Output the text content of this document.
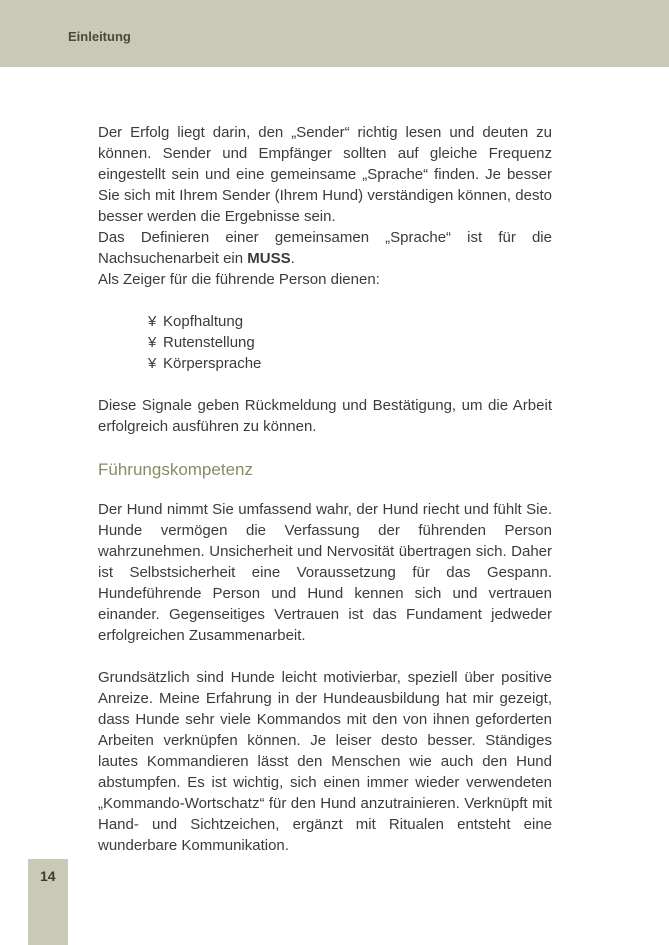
Einleitung

Der Erfolg liegt darin, den „Sender“ richtig lesen und deuten zu können. Sender und Empfänger sollten auf gleiche Frequenz eingestellt sein und eine gemeinsame „Sprache“ finden. Je besser Sie sich mit Ihrem Sender (Ihrem Hund) verständigen können, desto besser werden die Ergebnisse sein.

Das Definieren einer gemeinsamen „Sprache“ ist für die Nachsuchenarbeit ein MUSS.

Als Zeiger für die führende Person dienen:

¥ Kopfhaltung
¥ Rutenstellung
¥ Körpersprache

Diese Signale geben Rückmeldung und Bestätigung, um die Arbeit erfolgreich ausführen zu können.

Führungskompetenz

Der Hund nimmt Sie umfassend wahr, der Hund riecht und fühlt Sie. Hunde vermögen die Verfassung der führenden Person wahrzunehmen. Unsicherheit und Nervosität übertragen sich. Daher ist Selbstsicherheit eine Voraussetzung für das Gespann. Hundeführende Person und Hund kennen sich und vertrauen einander. Gegenseitiges Vertrauen ist das Fundament jedweder erfolgreichen Zusammenarbeit.

Grundsätzlich sind Hunde leicht motivierbar, speziell über positive Anreize. Meine Erfahrung in der Hundeausbildung hat mir gezeigt, dass Hunde sehr viele Kommandos mit den von ihnen geforderten Arbeiten verknüpfen können. Je leiser desto besser. Ständiges lautes Kommandieren lässt den Menschen wie auch den Hund abstumpfen. Es ist wichtig, sich einen immer wieder verwendeten „Kommando-Wortschatz“ für den Hund anzutrainieren. Verknüpft mit Hand- und Sichtzeichen, ergänzt mit Ritualen entsteht eine wunderbare Kommunikation.

14
